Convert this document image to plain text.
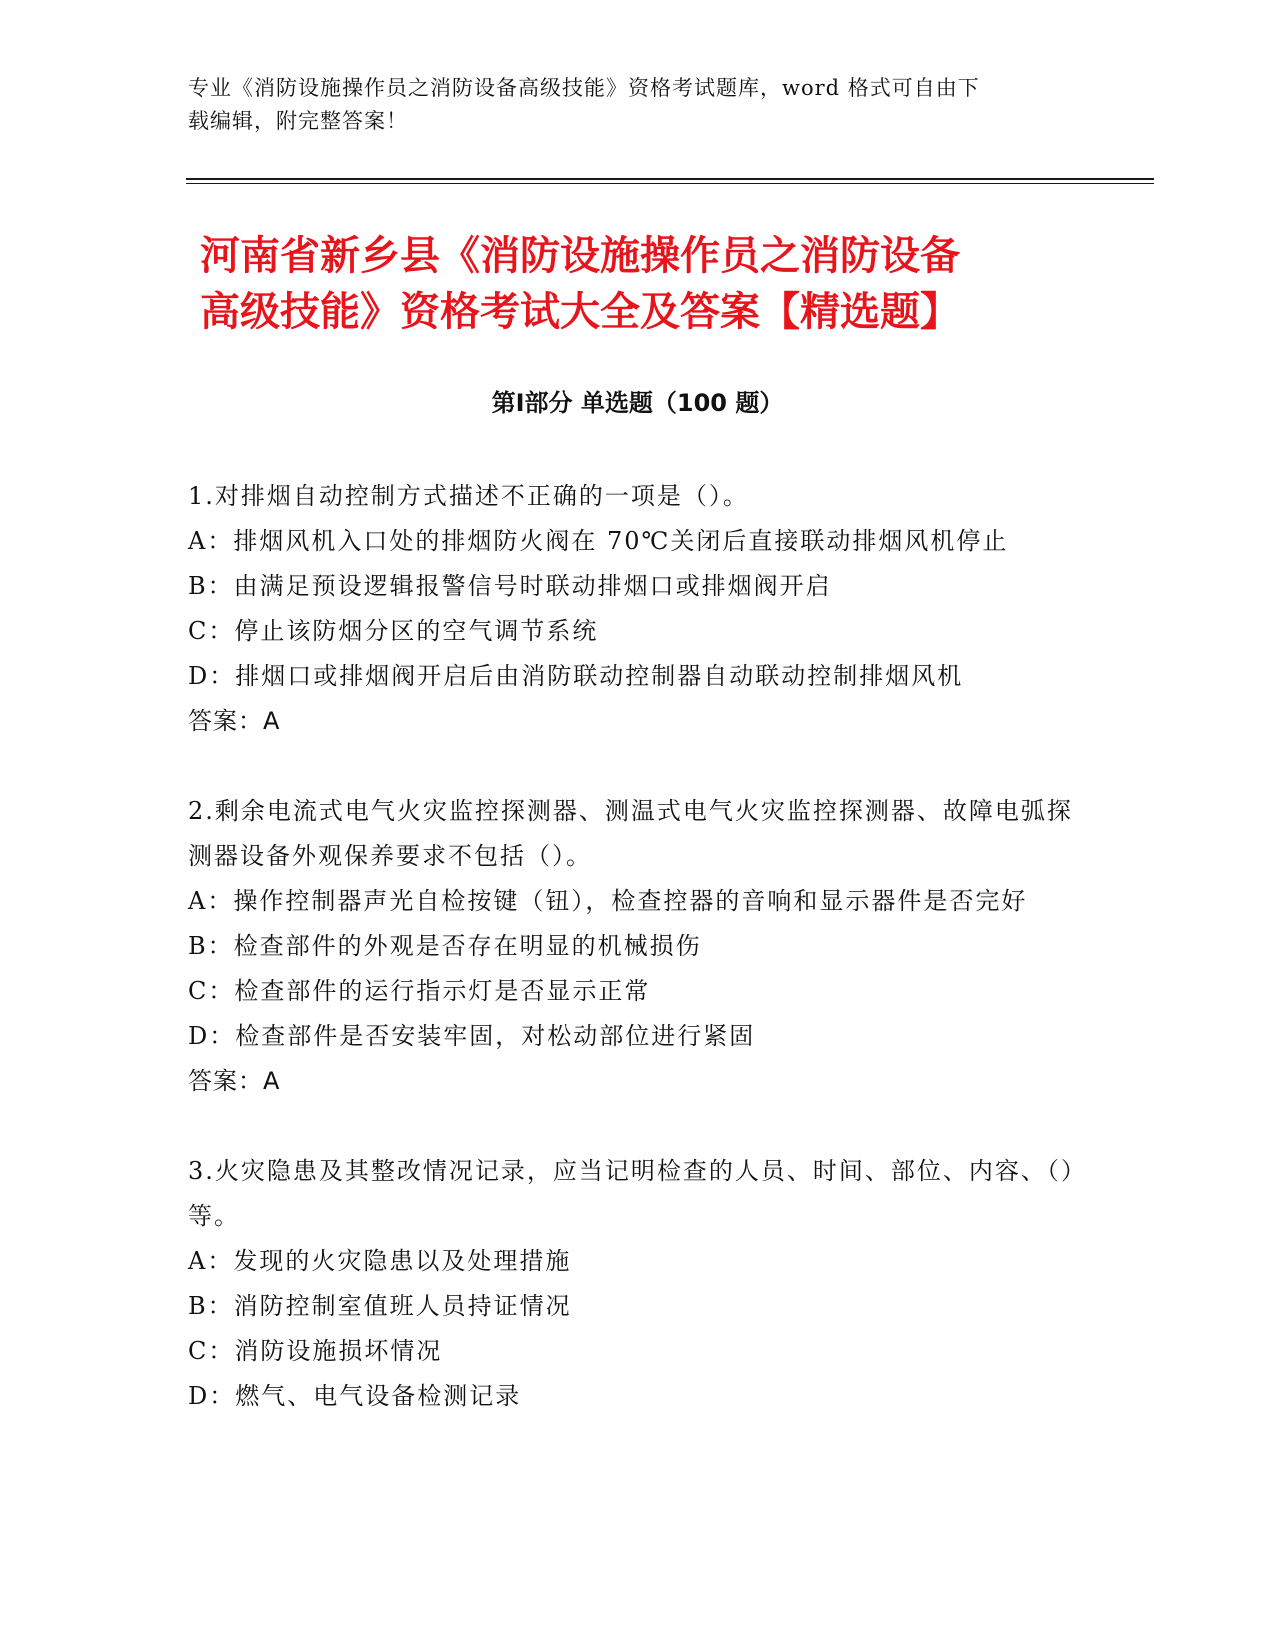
专业《消防设施操作员之消防设备高级技能》资格考试题库，word 格式可自由下
载编辑，附完整答案！
河南省新乡县《消防设施操作员之消防设备
高级技能》资格考试大全及答案【精选题】
第Ⅰ部分 单选题（100 题）

1.对排烟自动控制方式描述不正确的一项是（）。

A：排烟风机入口处的排烟防火阀在 70℃关闭后直接联动排烟风机停止

B：由满足预设逻辑报警信号时联动排烟口或排烟阀开启

C：停止该防烟分区的空气调节系统

D：排烟口或排烟阀开启后由消防联动控制器自动联动控制排烟风机

答案：A

2.剩余电流式电气火灾监控探测器、测温式电气火灾监控探测器、故障电弧探测器设备外观保养要求不包括（）。

A：操作控制器声光自检按键（钮），检查控器的音响和显示器件是否完好

B：检查部件的外观是否存在明显的机械损伤

C：检查部件的运行指示灯是否显示正常

D：检查部件是否安装牢固，对松动部位进行紧固

答案：A

3.火灾隐患及其整改情况记录，应当记明检查的人员、时间、部位、内容、（）等。

A：发现的火灾隐患以及处理措施

B：消防控制室值班人员持证情况

C：消防设施损坏情况

D：燃气、电气设备检测记录
